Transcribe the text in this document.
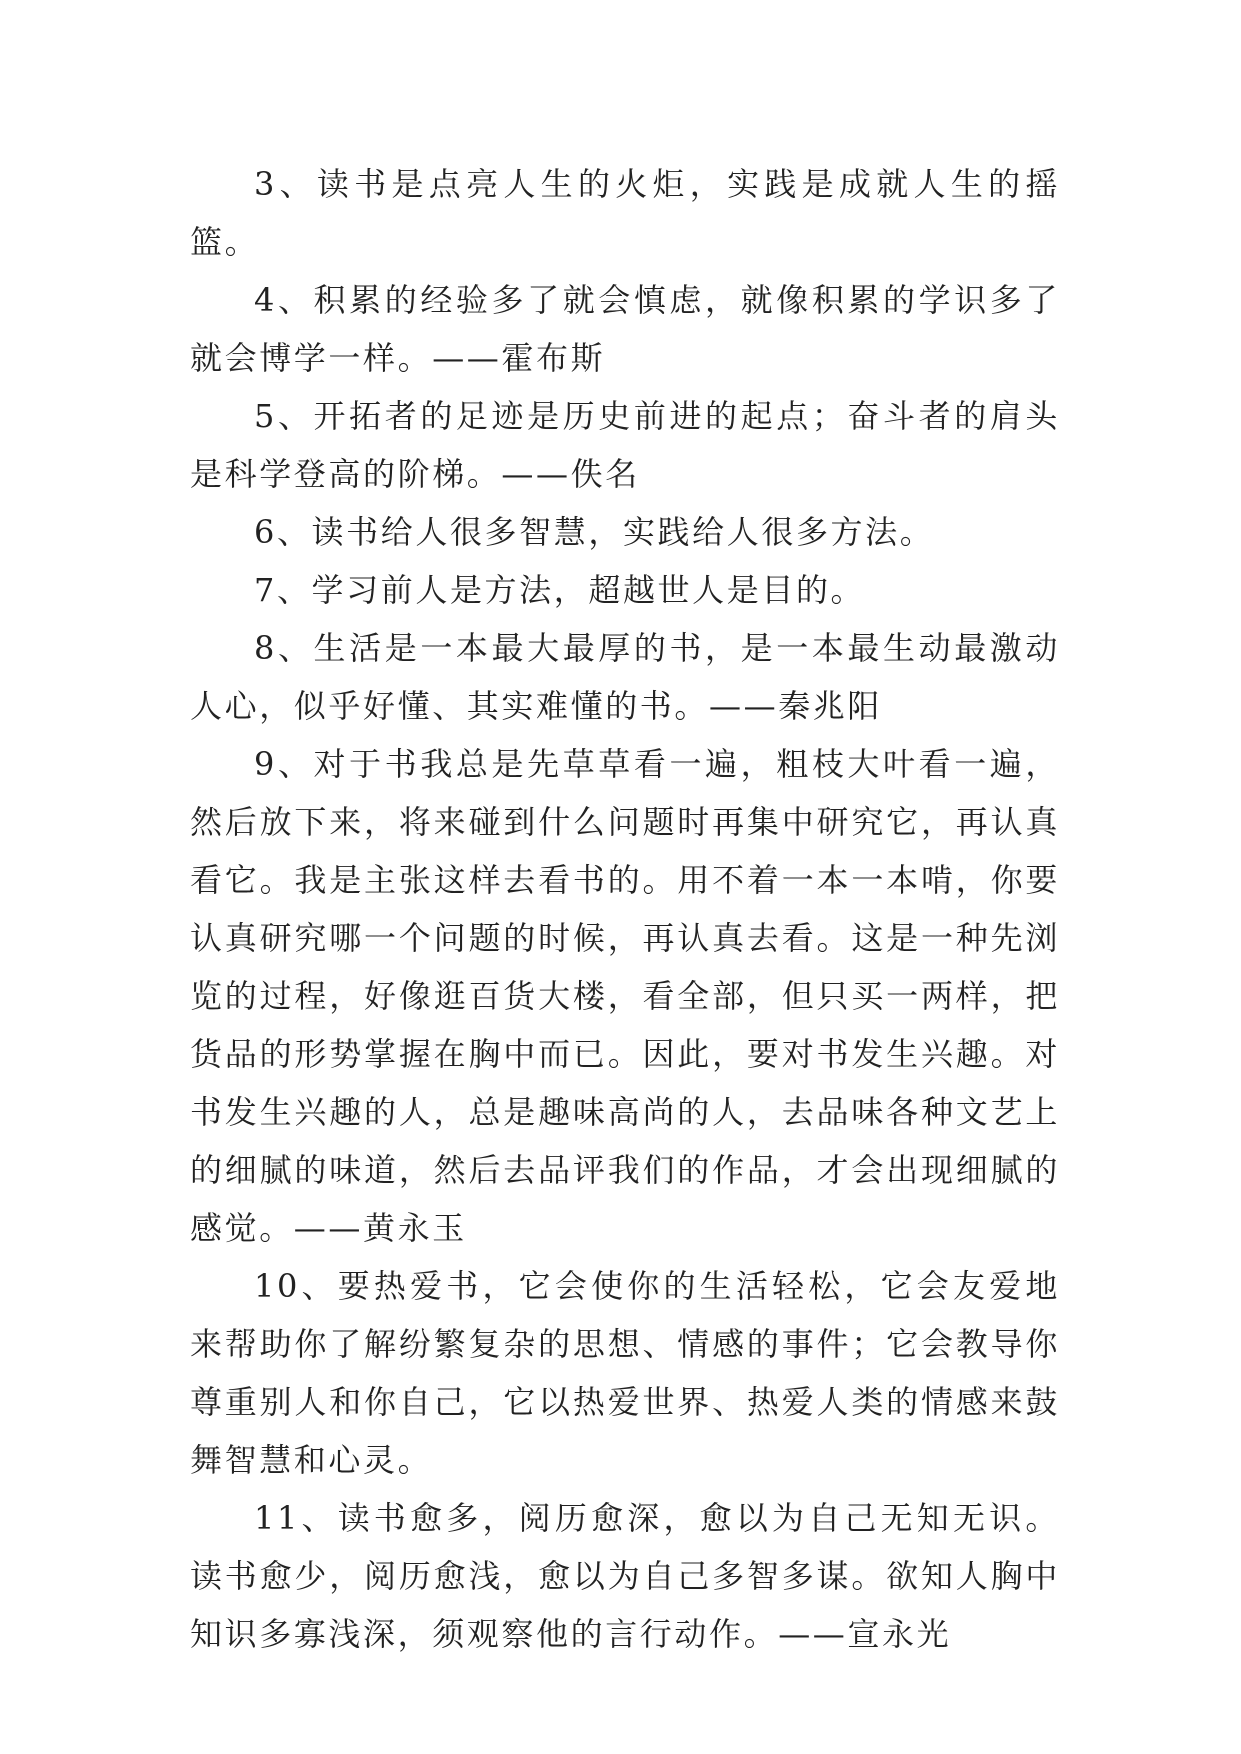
3、读书是点亮人生的火炬，实践是成就人生的摇篮。

4、积累的经验多了就会慎虑，就像积累的学识多了就会博学一样。——霍布斯

5、开拓者的足迹是历史前进的起点；奋斗者的肩头是科学登高的阶梯。——佚名

6、读书给人很多智慧，实践给人很多方法。

7、学习前人是方法，超越世人是目的。

8、生活是一本最大最厚的书，是一本最生动最激动人心，似乎好懂、其实难懂的书。——秦兆阳

9、对于书我总是先草草看一遍，粗枝大叶看一遍，然后放下来，将来碰到什么问题时再集中研究它，再认真看它。我是主张这样去看书的。用不着一本一本啃，你要认真研究哪一个问题的时候，再认真去看。这是一种先浏览的过程，好像逛百货大楼，看全部，但只买一两样，把货品的形势掌握在胸中而已。因此，要对书发生兴趣。对书发生兴趣的人，总是趣味高尚的人，去品味各种文艺上的细腻的味道，然后去品评我们的作品，才会出现细腻的感觉。——黄永玉

10、要热爱书，它会使你的生活轻松，它会友爱地来帮助你了解纷繁复杂的思想、情感的事件；它会教导你尊重别人和你自己，它以热爱世界、热爱人类的情感来鼓舞智慧和心灵。

11、读书愈多，阅历愈深，愈以为自己无知无识。读书愈少，阅历愈浅，愈以为自己多智多谋。欲知人胸中知识多寡浅深，须观察他的言行动作。——宣永光
